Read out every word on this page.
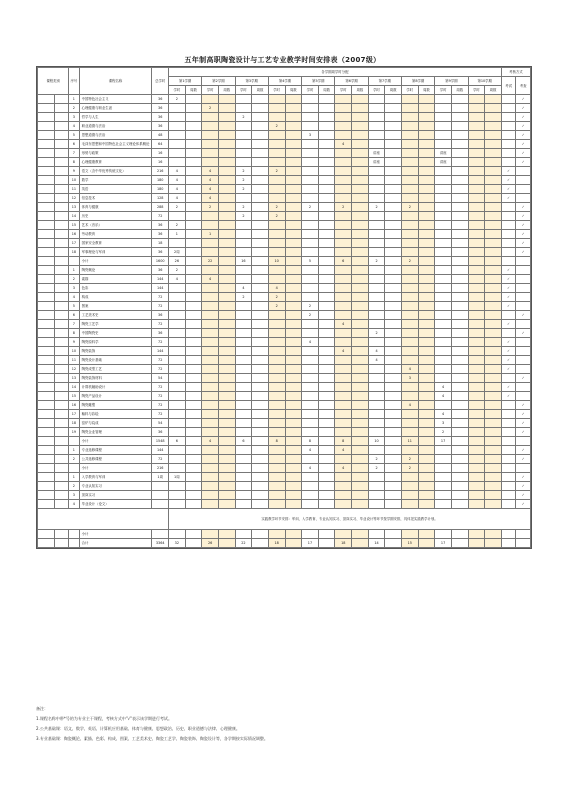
五年制高职陶瓷设计与工艺专业教学时间安排表（2007级）
课程类别		序号	课程名称	总学时	各学期周学时分配																				考核方式	
					第1学期		第2学期		第3学期		第4学期		第5学期		第6学期		第7学期		第8学期		第9学期		第10学期		考试	考查
					学时	周数	学时	周数	学时	周数	学时	周数	学时	周数	学时	周数	学时	周数	学时	周数	学时	周数	学时	周数		
		1	中国特色社会主义	36	2																					✓
		2	心理健康与职业生涯	36			2																			✓
		3	哲学与人生	36					2																	✓
		4	职业道德与法治	36							2															✓
		5	思想道德与法治	48									3													✓
		6	毛泽东思想和中国特色社会主义理论体系概论	64											4											✓
		7	形势与政策	16													讲座				讲座					✓
		8	心理健康教育	16													讲座				讲座					✓
		9	语文（含中华优秀传统文化）	216	4		4		2		2														✓	
		10	数学	180	4		4		2																✓	
		11	英语	180	4		4		2																✓	
		12	信息技术	128	4		4																		✓	
		13	体育与健康	288	2		2		2		2		2		2		2		2							✓
		14	历史	72					2		2															✓
		15	艺术（音乐）	36	2																					✓
		16	劳动教育	36	1		1																			✓
		17	国家安全教育	18																						✓
		18	军事理论与军训	36	2周																					✓
			小计	1600	26		22		16		10		5		6		2		2							
		1	陶瓷概论	36	2																				✓	
		2	素描	144	4		4																		✓	
		3	色彩	144					4		4														✓	
		4	构成	72					2		2														✓	
		5	图案	72							2		2												✓	
		6	工艺美术史	36									2													✓
		7	陶瓷工艺学	72											4										✓	
		8	中国陶瓷史	36													2									✓
		9	陶瓷原料学	72									4												✓	
		10	陶瓷装饰	144											4		4								✓	
		11	陶瓷设计基础	72													4								✓	
		12	陶瓷成型工艺	72															4						✓	
		13	陶瓷装饰材料	54															3							✓
		14	计算机辅助设计	72																	4				✓	
		15	陶瓷产品设计	72																	4				✓	
		16	陶瓷雕塑	72															4							✓
		17	釉料与彩绘	72																	4					✓
		18	窑炉与烧成	54																	3					✓
		19	陶瓷企业管理	36																	2					✓
			小计	1548	6		4		6		8		8		8		10		11		17					
		1	专业选修课程	144									4		4											✓
		2	公共选修课程	72													2		2							✓
			小计	216									4		4		2		2							
		1	入学教育与军训	1周	1周																					✓
		2	专业认知实习																							✓
		3	顶岗实习																							✓
		4	毕业设计（论文）																							✓
					实践教学环节安排：军训、入学教育、专业认知实习、顶岗实习、毕业设计等环节按学期安排，具体见实践教学计划。																					
			小计																							
			合计	3364	32		26		22		18		17		18		14		15		17					
备注：
1.课程名称中带*号的为专业主干课程，考核方式中"√"表示该学期进行考试。
2.公共基础课：语文、数学、英语、计算机应用基础、体育与健康、思想政治、历史、职业道德与法律、心理健康。
3.专业基础课：陶瓷概论、素描、色彩、构成、图案、工艺美术史、陶瓷工艺学、陶瓷装饰、陶瓷设计等，各学期按实际情况调整。
